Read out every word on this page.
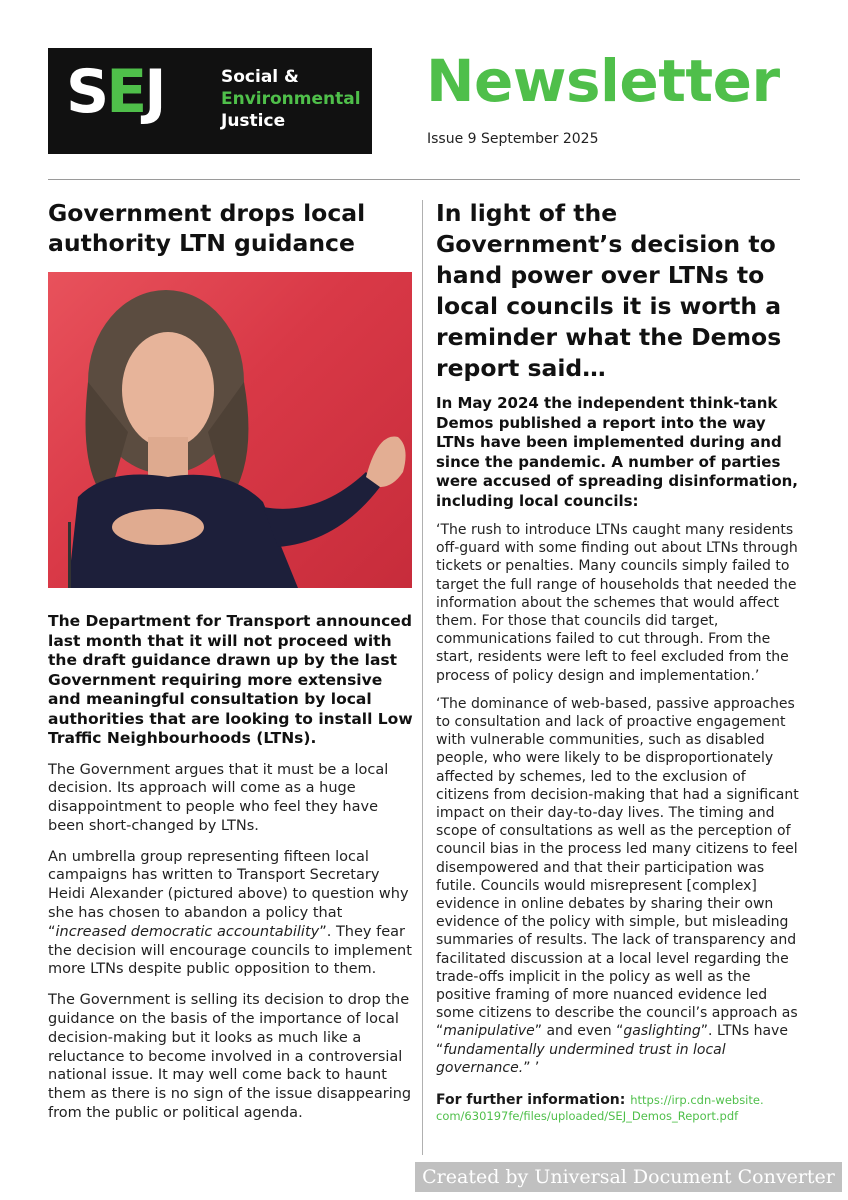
SEJ	Social &
Environmental
Justice
Newsletter
Issue 9 September 2025
Government drops local authority LTN guidance

The Department for Transport announced last month that it will not proceed with the draft guidance drawn up by the last Government requiring more extensive and meaningful consultation by local authorities that are looking to install Low Traffic Neighbourhoods (LTNs).

The Government argues that it must be a local decision. Its approach will come as a huge disappointment to people who feel they have been short-changed by LTNs.

An umbrella group representing fifteen local campaigns has written to Transport Secretary Heidi Alexander (pictured above) to question why she has chosen to abandon a policy that “increased democratic accountability”. They fear the decision will encourage councils to implement more LTNs despite public opposition to them.

The Government is selling its decision to drop the guidance on the basis of the importance of local decision-making but it looks as much like a reluctance to become involved in a controversial national issue. It may well come back to haunt them as there is no sign of the issue disappearing from the public or political agenda.

In light of the Government’s decision to hand power over LTNs to local councils it is worth a reminder what the Demos report said…

In May 2024 the independent think-tank Demos published a report into the way LTNs have been implemented during and since the pandemic. A number of parties were accused of spreading disinformation, including local councils:

‘The rush to introduce LTNs caught many residents off-guard with some finding out about LTNs through tickets or penalties. Many councils simply failed to target the full range of households that needed the information about the schemes that would affect them. For those that councils did target, communications failed to cut through. From the start, residents were left to feel excluded from the process of policy design and implementation.’

‘The dominance of web-based, passive approaches to consultation and lack of proactive engagement with vulnerable communities, such as disabled people, who were likely to be disproportionately affected by schemes, led to the exclusion of citizens from decision-making that had a significant impact on their day-to-day lives. The timing and scope of consultations as well as the perception of council bias in the process led many citizens to feel disempowered and that their participation was futile. Councils would misrepresent [complex] evidence in online debates by sharing their own evidence of the policy with simple, but misleading summaries of results. The lack of transparency and facilitated discussion at a local level regarding the trade-offs implicit in the policy as well as the positive framing of more nuanced evidence led some citizens to describe the council’s approach as “manipulative” and even “gaslighting”. LTNs have “fundamentally undermined trust in local governance.” ’

For further information: https://irp.cdn-website.
com/630197fe/files/uploaded/SEJ_Demos_Report.pdf
Created by Universal Document Converter
